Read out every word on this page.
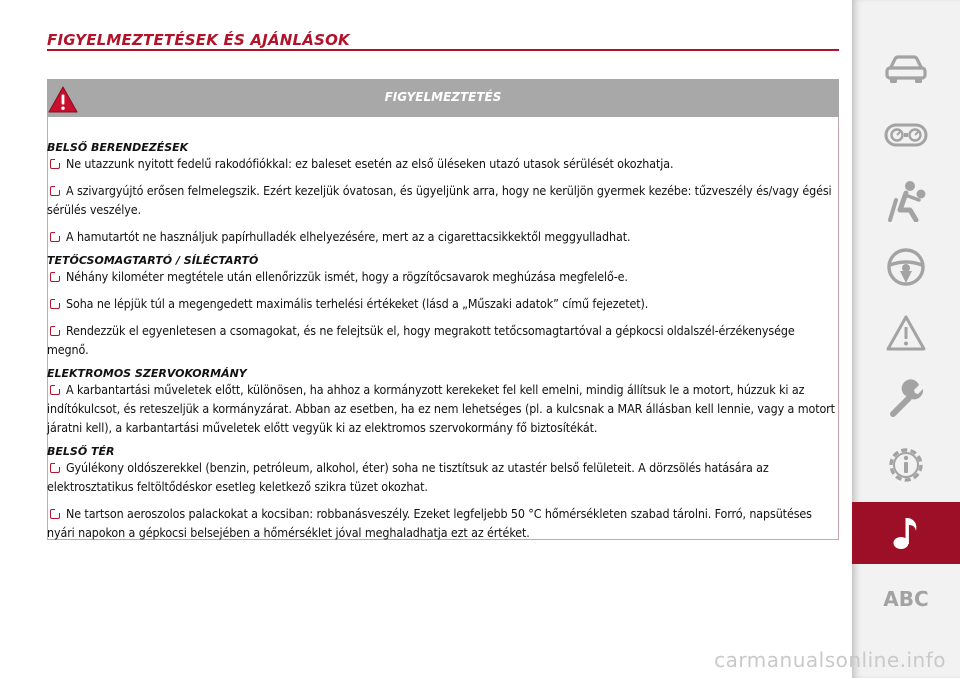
FIGYELMEZTETÉSEK ÉS AJÁNLÁSOK
FIGYELMEZTETÉS
BELSŐ BERENDEZÉSEK
Ne utazzunk nyitott fedelű rakodófiókkal: ez baleset esetén az első üléseken utazó utasok sérülését okozhatja.
A szivargyújtó erősen felmelegszik. Ezért kezeljük óvatosan, és ügyeljünk arra, hogy ne kerüljön gyermek kezébe: tűzveszély és/vagy égési sérülés veszélye.
A hamutartót ne használjuk papírhulladék elhelyezésére, mert az a cigarettacsikkektől meggyulladhat.
TETŐCSOMAGTARTÓ / SÍLÉCTARTÓ
Néhány kilométer megtétele után ellenőrizzük ismét, hogy a rögzítőcsavarok meghúzása megfelelő-e.
Soha ne lépjük túl a megengedett maximális terhelési értékeket (lásd a „Műszaki adatok” című fejezetet).
Rendezzük el egyenletesen a csomagokat, és ne felejtsük el, hogy megrakott tetőcsomagtartóval a gépkocsi oldalszél-érzékenysége megnő.
ELEKTROMOS SZERVOKORMÁNY
A karbantartási műveletek előtt, különösen, ha ahhoz a kormányzott kerekeket fel kell emelni, mindig állítsuk le a motort, húzzuk ki az indítókulcsot, és reteszeljük a kormányzárat. Abban az esetben, ha ez nem lehetséges (pl. a kulcsnak a MAR állásban kell lennie, vagy a motort járatni kell), a karbantartási műveletek előtt vegyük ki az elektromos szervokormány fő biztosítékát.
BELSŐ TÉR
Gyúlékony oldószerekkel (benzin, petróleum, alkohol, éter) soha ne tisztítsuk az utastér belső felületeit. A dörzsölés hatására az elektrosztatikus feltöltődéskor esetleg keletkező szikra tüzet okozhat.
Ne tartson aeroszolos palackokat a kocsiban: robbanásveszély. Ezeket legfeljebb 50 °C hőmérsékleten szabad tárolni. Forró, napsütéses nyári napokon a gépkocsi belsejében a hőmérséklet jóval meghaladhatja ezt az értéket.
ABC
carmanualsonline.info
